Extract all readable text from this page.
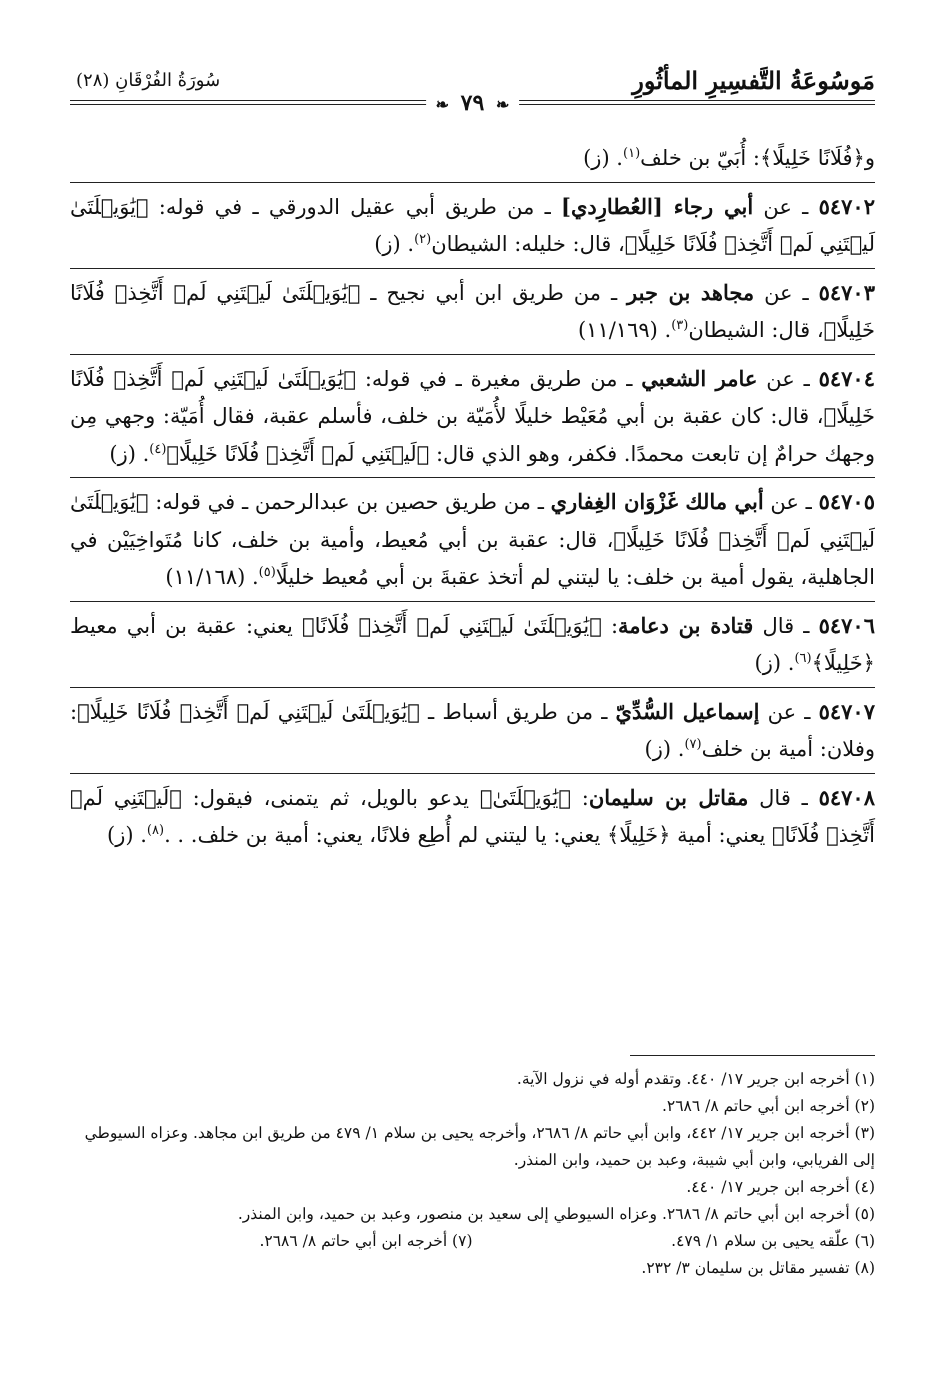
مَوسُوعَةُ التَّفسِيرِ المأثُورِ
سُورَةُ الفُرْقَانِ (٢٨)
❧ ٧٩ ❧

و﴿فُلَانًا خَلِيلًا﴾: أُبَيّ بن خلف$^{(١)}$. (ز)

٥٤٧٠٢ ـ عن أبي رجاء [العُطارِدي] ـ من طريق أبي عقيل الدورقي ـ في قوله: ﴿يَٰوَيۡلَتَىٰ لَيۡتَنِي لَمۡ أَتَّخِذۡ فُلَانًا خَلِيلًا﴾، قال: خليله: الشيطان$^{(٢)}$. (ز)

٥٤٧٠٣ ـ عن مجاهد بن جبر ـ من طريق ابن أبي نجيح ـ ﴿يَٰوَيۡلَتَىٰ لَيۡتَنِي لَمۡ أَتَّخِذۡ فُلَانًا خَلِيلًا﴾، قال: الشيطان$^{(٣)}$. (١١/١٦٩)

٥٤٧٠٤ ـ عن عامر الشعبي ـ من طريق مغيرة ـ في قوله: ﴿يَٰوَيۡلَتَىٰ لَيۡتَنِي لَمۡ أَتَّخِذۡ فُلَانًا خَلِيلًا﴾، قال: كان عقبة بن أبي مُعَيْط خليلًا لأُمَيّة بن خلف، فأسلم عقبة، فقال أُمَيّة: وجهي مِن وجهك حرامٌ إن تابعت محمدًا. فكفر، وهو الذي قال: ﴿لَيۡتَنِي لَمۡ أَتَّخِذۡ فُلَانًا خَلِيلًا﴾$^{(٤)}$. (ز)

٥٤٧٠٥ ـ عن أبي مالك غَزْوَان الغِفاري ـ من طريق حصين بن عبدالرحمن ـ في قوله: ﴿يَٰوَيۡلَتَىٰ لَيۡتَنِي لَمۡ أَتَّخِذۡ فُلَانًا خَلِيلًا﴾، قال: عقبة بن أبي مُعيط، وأمية بن خلف، كانا مُتَواخِيَيْن في الجاهلية، يقول أمية بن خلف: يا ليتني لم أتخذ عقبةَ بن أبي مُعيط خليلًا$^{(٥)}$. (١١/١٦٨)

٥٤٧٠٦ ـ قال قتادة بن دعامة: ﴿يَٰوَيۡلَتَىٰ لَيۡتَنِي لَمۡ أَتَّخِذۡ فُلَانًا﴾ يعني: عقبة بن أبي معيط ﴿خَلِيلًا﴾$^{(٦)}$. (ز)

٥٤٧٠٧ ـ عن إسماعيل السُّدِّيّ ـ من طريق أسباط ـ ﴿يَٰوَيۡلَتَىٰ لَيۡتَنِي لَمۡ أَتَّخِذۡ فُلَانًا خَلِيلًا﴾: وفلان: أمية بن خلف$^{(٧)}$. (ز)

٥٤٧٠٨ ـ قال مقاتل بن سليمان: ﴿يَٰوَيۡلَتَىٰ﴾ يدعو بالويل، ثم يتمنى، فيقول: ﴿لَيۡتَنِي لَمۡ أَتَّخِذۡ فُلَانًا﴾ يعني: أمية ﴿خَلِيلًا﴾ يعني: يا ليتني لم أُطِع فلانًا، يعني: أمية بن خلف. . .$^{(٨)}$. (ز)

(١) أخرجه ابن جرير ١٧/ ٤٤٠. وتقدم أوله في نزول الآية.

(٢) أخرجه ابن أبي حاتم ٨/ ٢٦٨٦.

(٣) أخرجه ابن جرير ١٧/ ٤٤٢، وابن أبي حاتم ٨/ ٢٦٨٦، وأخرجه يحيى بن سلام ١/ ٤٧٩ من طريق ابن مجاهد. وعزاه السيوطي إلى الفريابي، وابن أبي شيبة، وعبد بن حميد، وابن المنذر.

(٤) أخرجه ابن جرير ١٧/ ٤٤٠.

(٥) أخرجه ابن أبي حاتم ٨/ ٢٦٨٦. وعزاه السيوطي إلى سعيد بن منصور، وعبد بن حميد، وابن المنذر.

(٦) علّقه يحيى بن سلام ١/ ٤٧٩.
(٧) أخرجه ابن أبي حاتم ٨/ ٢٦٨٦.

(٨) تفسير مقاتل بن سليمان ٣/ ٢٣٢.
